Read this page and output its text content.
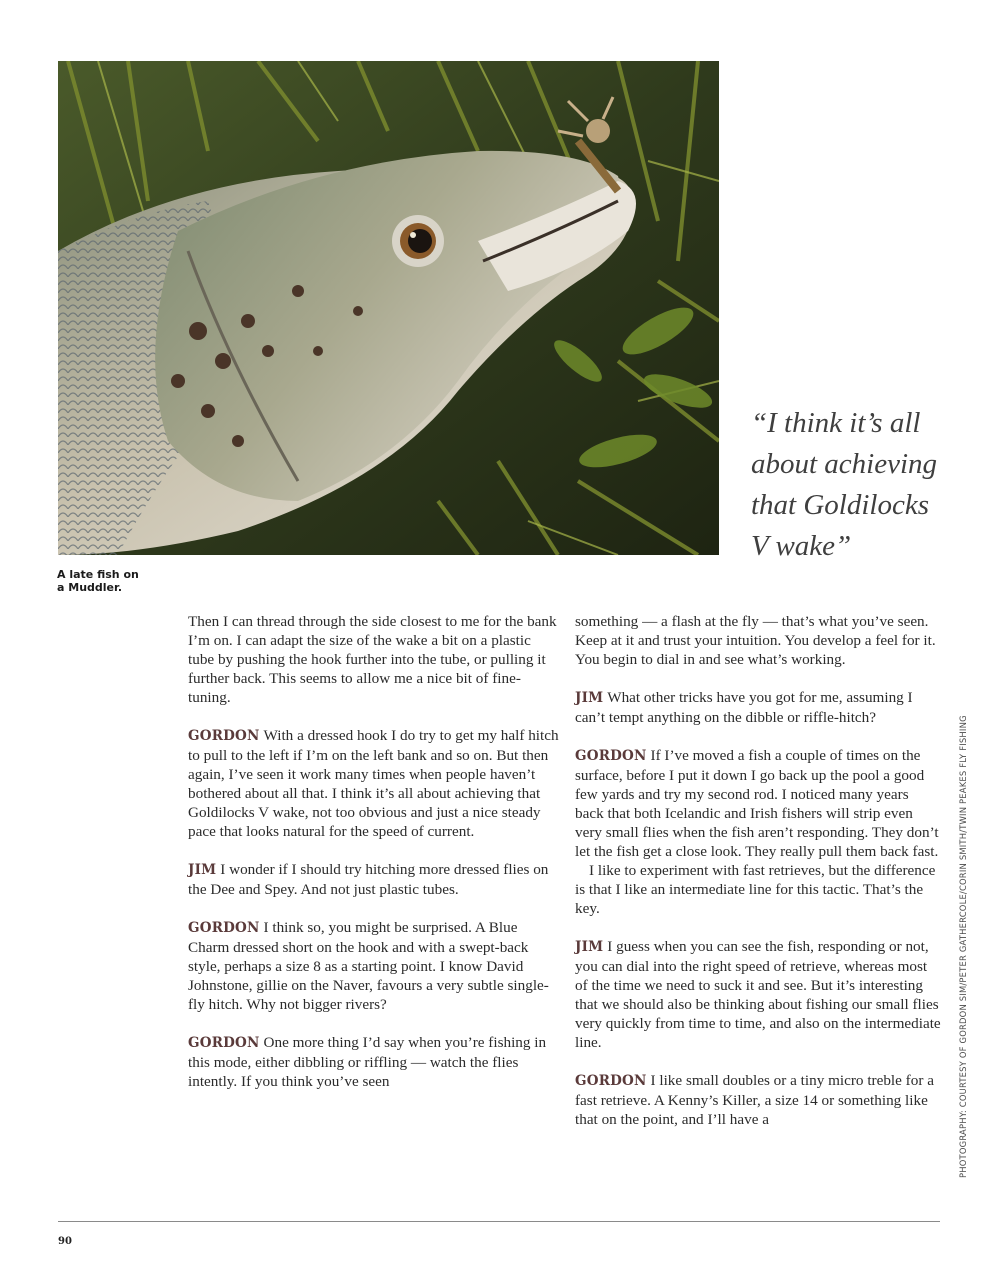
A late fish on
a Muddler.
“I think it’s all
about achieving
that Goldilocks
V wake”

Then I can thread through the side closest to me for the bank I’m on. I can adapt the size of the wake a bit on a plastic tube by pushing the hook further into the tube, or pulling it further back. This seems to allow me a nice bit of fine-tuning.

GORDON With a dressed hook I do try to get my half hitch to pull to the left if I’m on the left bank and so on. But then again, I’ve seen it work many times when people haven’t bothered about all that. I think it’s all about achieving that Goldilocks V wake, not too obvious and just a nice steady pace that looks natural for the speed of current.

JIM I wonder if I should try hitching more dressed flies on the Dee and Spey. And not just plastic tubes.

GORDON I think so, you might be surprised. A Blue Charm dressed short on the hook and with a swept-back style, perhaps a size 8 as a starting point. I know David Johnstone, gillie on the Naver, favours a very subtle single-fly hitch. Why not bigger rivers?

GORDON One more thing I’d say when you’re fishing in this mode, either dibbling or riffling — watch the flies intently. If you think you’ve seen

something — a flash at the fly — that’s what you’ve seen. Keep at it and trust your intuition. You develop a feel for it. You begin to dial in and see what’s working.

JIM What other tricks have you got for me, assuming I can’t tempt anything on the dibble or riffle-hitch?

GORDON If I’ve moved a fish a couple of times on the surface, before I put it down I go back up the pool a good few yards and try my second rod. I noticed many years back that both Icelandic and Irish fishers will strip even very small flies when the fish aren’t responding. They don’t let the fish get a close look. They really pull them back fast.

I like to experiment with fast retrieves, but the difference is that I like an intermediate line for this tactic. That’s the key.

JIM I guess when you can see the fish, responding or not, you can dial into the right speed of retrieve, whereas most of the time we need to suck it and see. But it’s interesting that we should also be thinking about fishing our small flies very quickly from time to time, and also on the intermediate line.

GORDON I like small doubles or a tiny micro treble for a fast retrieve. A Kenny’s Killer, a size 14 or something like that on the point, and I’ll have a	PHOTOGRAPHY: COURTESY OF GORDON SIM/PETER GATHERCOLE/CORIN SMITH/TWIN PEAKES FLY FISHING
90
